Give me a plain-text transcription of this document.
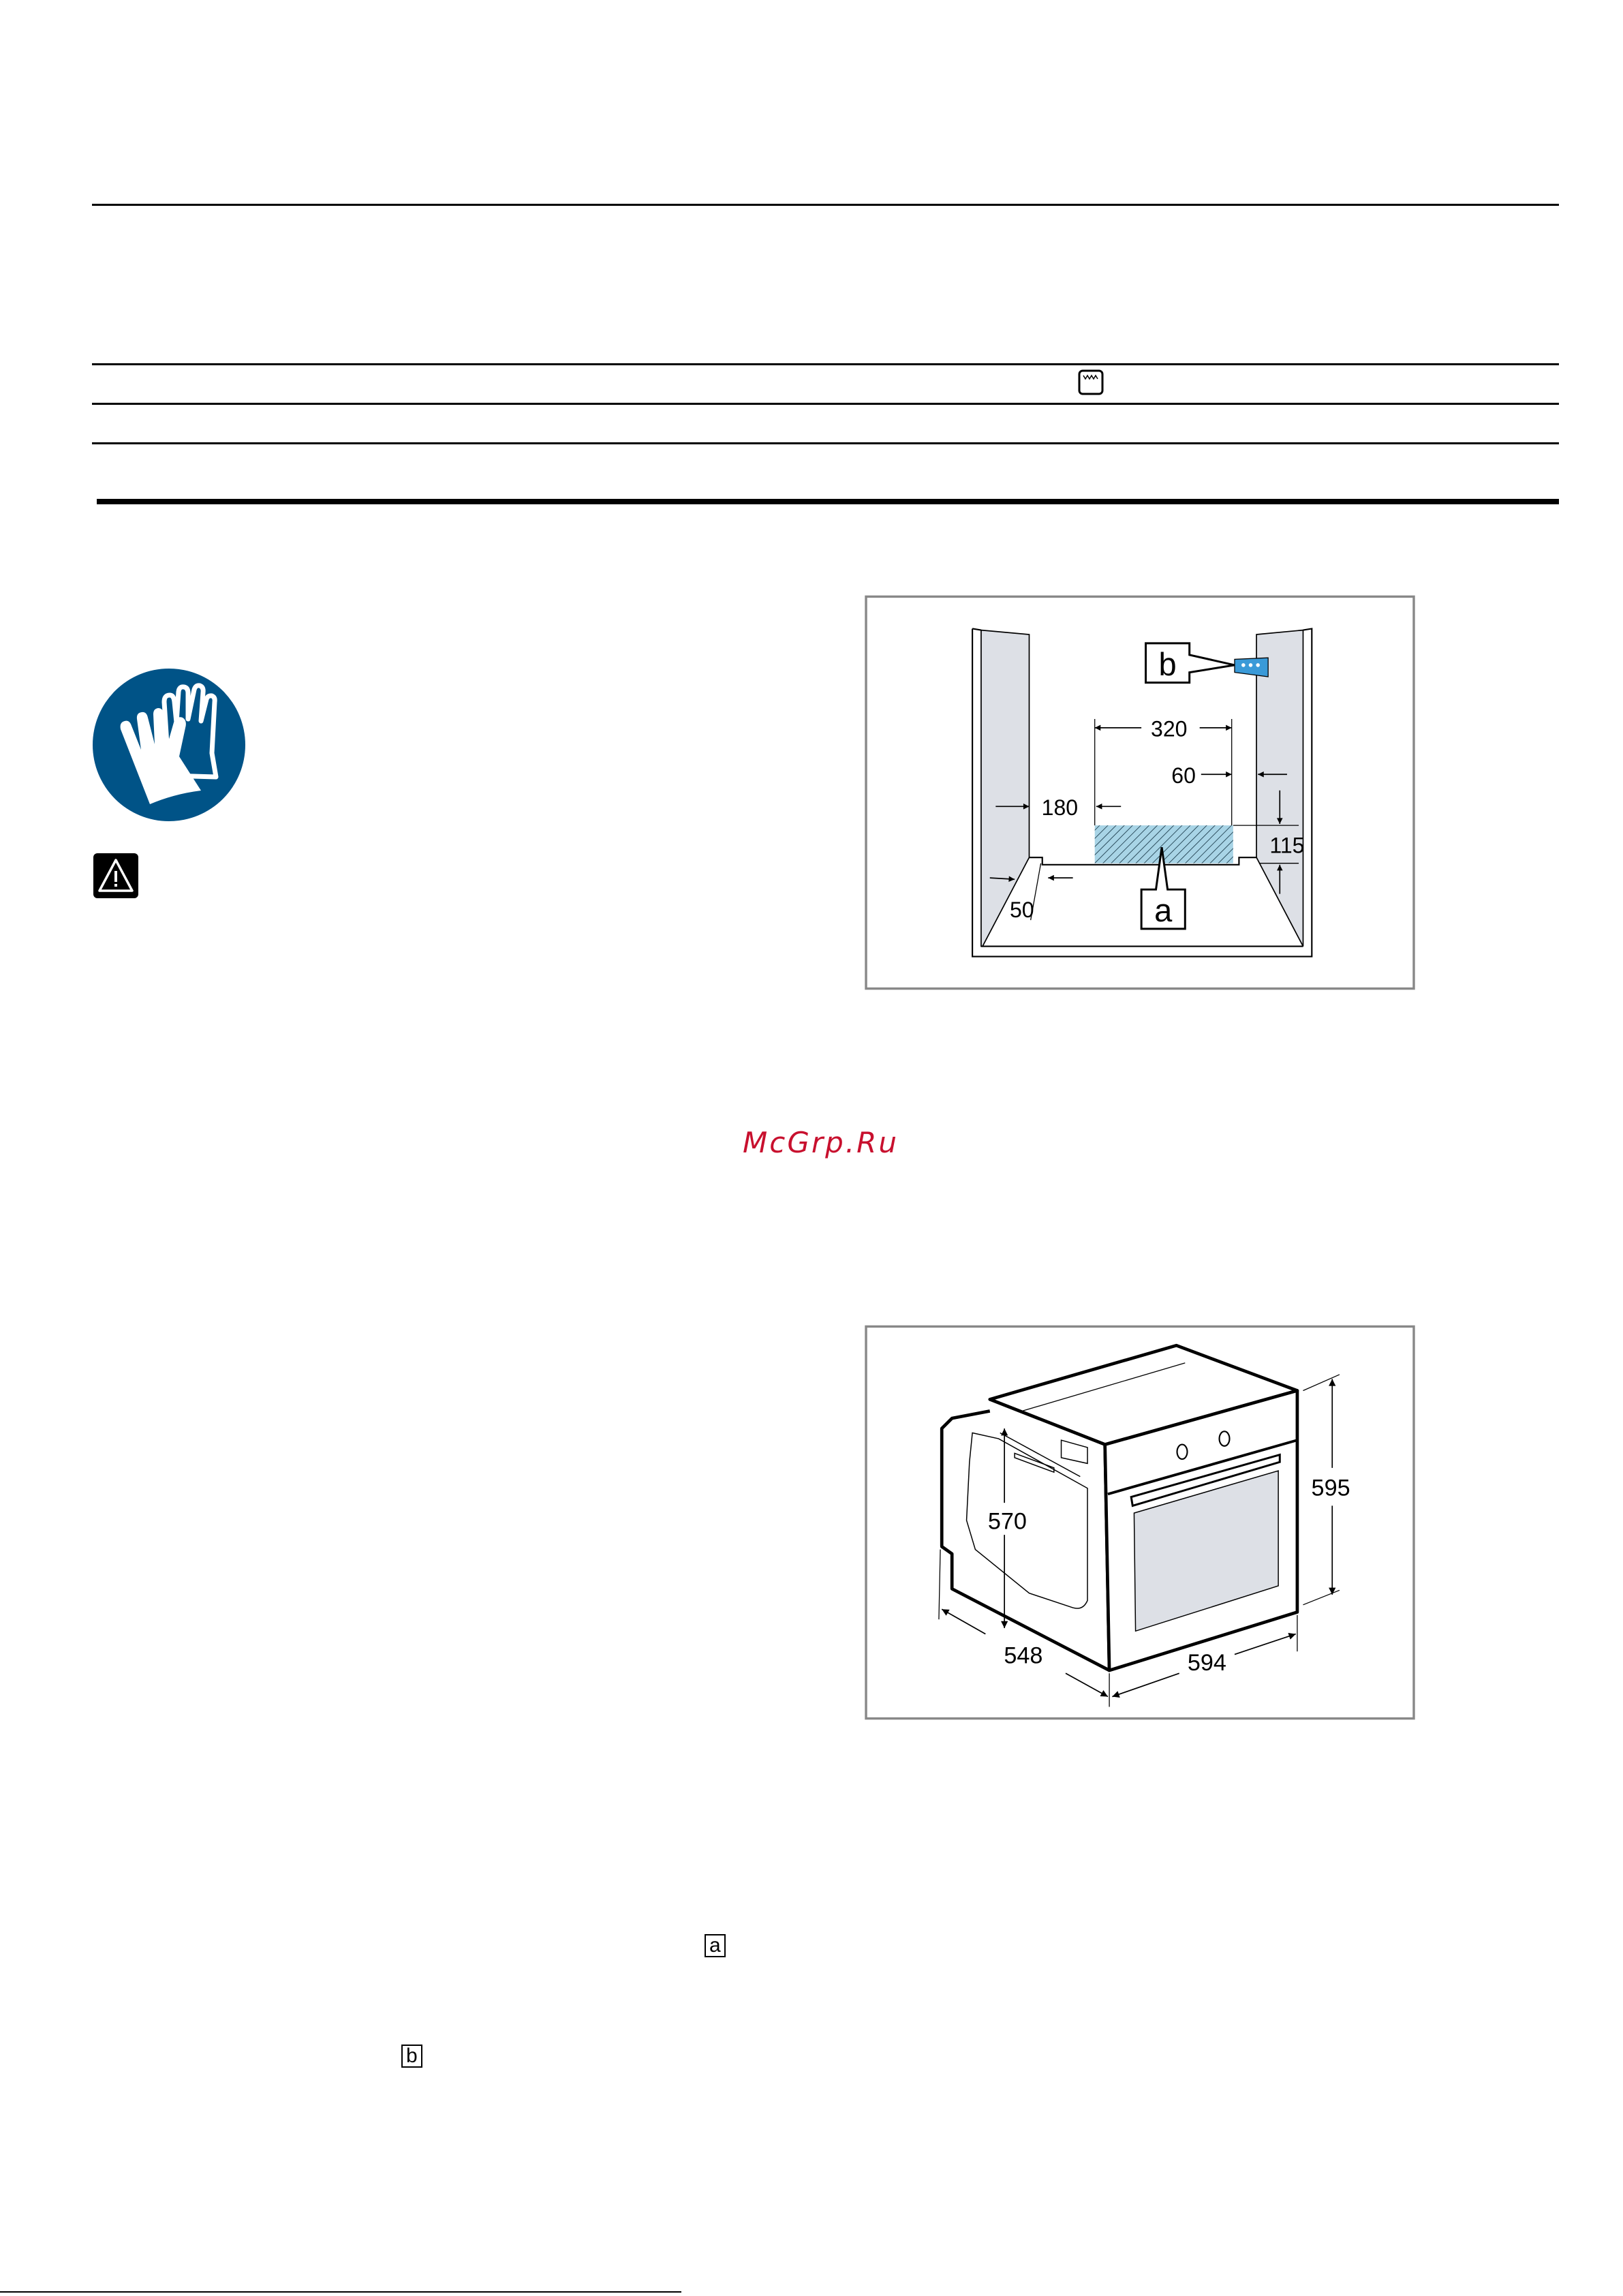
320
60
180
115
50	a
b
McGrp.Ru
595
570
548	594
a
b
